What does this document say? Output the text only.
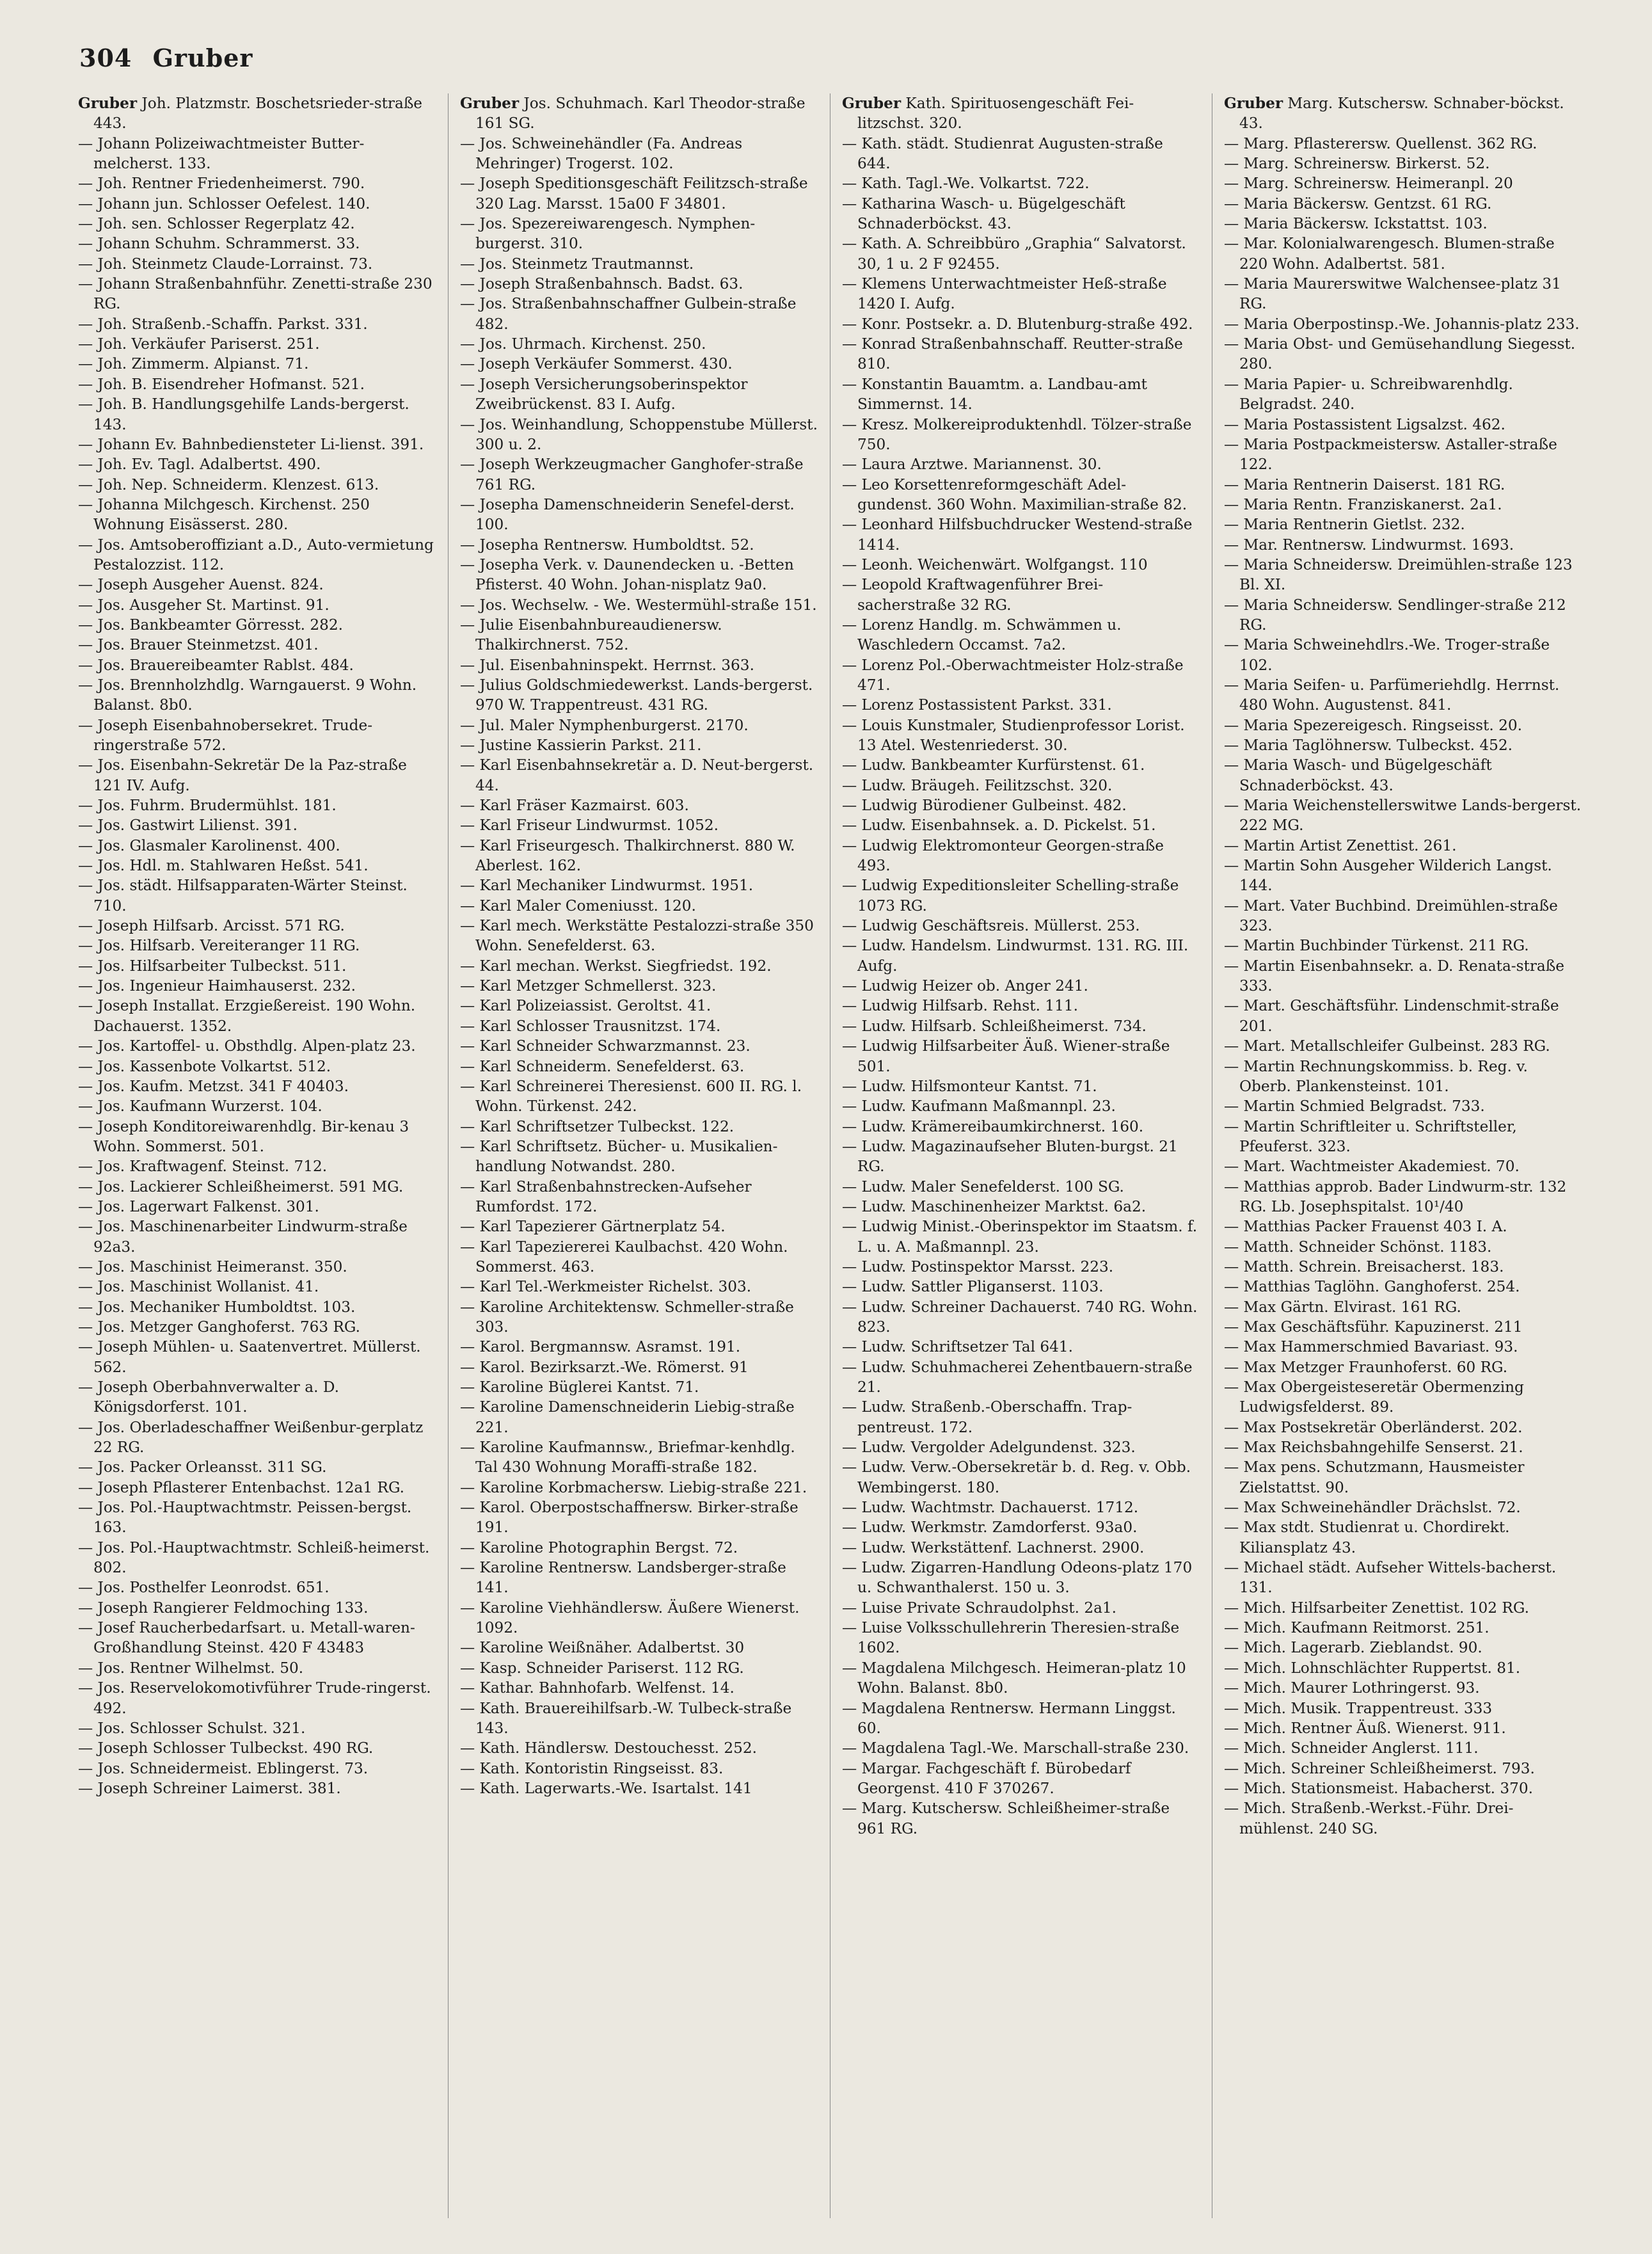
304 Gruber
Gruber Joh. Platzmstr. Boschetsrieder-straße 443.
— Johann Polizeiwachtmeister Butter-melcherst. 133.
— Joh. Rentner Friedenheimerst. 790.
— Johann jun. Schlosser Oefelest. 140.
— Joh. sen. Schlosser Regerplatz 42.
— Johann Schuhm. Schrammerst. 33.
— Joh. Steinmetz Claude-Lorrainst. 73.
— Johann Straßenbahnführ. Zenetti-straße 230 RG.
— Joh. Straßenb.-Schaffn. Parkst. 331.
— Joh. Verkäufer Pariserst. 251.
— Joh. Zimmerm. Alpianst. 71.
— Joh. B. Eisendreher Hofmanst. 521.
— Joh. B. Handlungsgehilfe Lands-bergerst. 143.
— Johann Ev. Bahnbediensteter Li-lienst. 391.
— Joh. Ev. Tagl. Adalbertst. 490.
— Joh. Nep. Schneiderm. Klenzest. 613.
— Johanna Milchgesch. Kirchenst. 250 Wohnung Eisässerst. 280.
— Jos. Amtsoberoffiziant a.D., Auto-vermietung Pestalozzist. 112.
— Joseph Ausgeher Auenst. 824.
— Jos. Ausgeher St. Martinst. 91.
— Jos. Bankbeamter Görresst. 282.
— Jos. Brauer Steinmetzst. 401.
— Jos. Brauereibeamter Rablst. 484.
— Jos. Brennholzhdlg. Warngauerst. 9 Wohn. Balanst. 8b0.
— Joseph Eisenbahnobersekret. Trude-ringerstraße 572.
— Jos. Eisenbahn-Sekretär De la Paz-straße 121 IV. Aufg.
— Jos. Fuhrm. Brudermühlst. 181.
— Jos. Gastwirt Lilienst. 391.
— Jos. Glasmaler Karolinenst. 400.
— Jos. Hdl. m. Stahlwaren Heßst. 541.
— Jos. städt. Hilfsapparaten-Wärter Steinst. 710.
— Joseph Hilfsarb. Arcisst. 571 RG.
— Jos. Hilfsarb. Vereiteranger 11 RG.
— Jos. Hilfsarbeiter Tulbeckst. 511.
— Jos. Ingenieur Haimhauserst. 232.
— Joseph Installat. Erzgießereist. 190 Wohn. Dachauerst. 1352.
— Jos. Kartoffel- u. Obsthdlg. Alpen-platz 23.
— Jos. Kassenbote Volkartst. 512.
— Jos. Kaufm. Metzst. 341 F 40403.
— Jos. Kaufmann Wurzerst. 104.
— Joseph Konditoreiwarenhdlg. Bir-kenau 3 Wohn. Sommerst. 501.
— Jos. Kraftwagenf. Steinst. 712.
— Jos. Lackierer Schleißheimerst. 591 MG.
— Jos. Lagerwart Falkenst. 301.
— Jos. Maschinenarbeiter Lindwurm-straße 92a3.
— Jos. Maschinist Heimeranst. 350.
— Jos. Maschinist Wollanist. 41.
— Jos. Mechaniker Humboldtst. 103.
— Jos. Metzger Ganghoferst. 763 RG.
— Joseph Mühlen- u. Saatenvertret. Müllerst. 562.
— Joseph Oberbahnverwalter a. D. Königsdorferst. 101.
— Jos. Oberladeschaffner Weißenbur-gerplatz 22 RG.
— Jos. Packer Orleansst. 311 SG.
— Joseph Pflasterer Entenbachst. 12a1 RG.
— Jos. Pol.-Hauptwachtmstr. Peissen-bergst. 163.
— Jos. Pol.-Hauptwachtmstr. Schleiß-heimerst. 802.
— Jos. Posthelfer Leonrodst. 651.
— Joseph Rangierer Feldmoching 133.
— Josef Raucherbedarfsart. u. Metall-waren-Großhandlung Steinst. 420 F 43483
— Jos. Rentner Wilhelmst. 50.
— Jos. Reservelokomotivführer Trude-ringerst. 492.
— Jos. Schlosser Schulst. 321.
— Joseph Schlosser Tulbeckst. 490 RG.
— Jos. Schneidermeist. Eblingerst. 73.
— Joseph Schreiner Laimerst. 381.
Gruber Jos. Schuhmach. Karl Theodor-straße 161 SG.
— Jos. Schweinehändler (Fa. Andreas Mehringer) Trogerst. 102.
— Joseph Speditionsgeschäft Feilitzsch-straße 320 Lag. Marsst. 15a00 F 34801.
— Jos. Spezereiwarengesch. Nymphen-burgerst. 310.
— Jos. Steinmetz Trautmannst.
— Joseph Straßenbahnsch. Badst. 63.
— Jos. Straßenbahnschaffner Gulbein-straße 482.
— Jos. Uhrmach. Kirchenst. 250.
— Joseph Verkäufer Sommerst. 430.
— Joseph Versicherungsoberinspektor Zweibrückenst. 83 I. Aufg.
— Jos. Weinhandlung, Schoppenstube Müllerst. 300 u. 2.
— Joseph Werkzeugmacher Ganghofer-straße 761 RG.
— Josepha Damenschneiderin Senefel-derst. 100.
— Josepha Rentnersw. Humboldtst. 52.
— Josepha Verk. v. Daunendecken u. -Betten Pfisterst. 40 Wohn. Johan-nisplatz 9a0.
— Jos. Wechselw. - We. Westermühl-straße 151.
— Julie Eisenbahnbureaudienersw. Thalkirchnerst. 752.
— Jul. Eisenbahninspekt. Herrnst. 363.
— Julius Goldschmiedewerkst. Lands-bergerst. 970 W. Trappentreust. 431 RG.
— Jul. Maler Nymphenburgerst. 2170.
— Justine Kassierin Parkst. 211.
— Karl Eisenbahnsekretär a. D. Neut-bergerst. 44.
— Karl Fräser Kazmairst. 603.
— Karl Friseur Lindwurmst. 1052.
— Karl Friseurgesch. Thalkirchnerst. 880 W. Aberlest. 162.
— Karl Mechaniker Lindwurmst. 1951.
— Karl Maler Comeniusst. 120.
— Karl mech. Werkstätte Pestalozzi-straße 350 Wohn. Senefelderst. 63.
— Karl mechan. Werkst. Siegfriedst. 192.
— Karl Metzger Schmellerst. 323.
— Karl Polizeiassist. Geroltst. 41.
— Karl Schlosser Trausnitzst. 174.
— Karl Schneider Schwarzmannst. 23.
— Karl Schneiderm. Senefelderst. 63.
— Karl Schreinerei Theresienst. 600 II. RG. l. Wohn. Türkenst. 242.
— Karl Schriftsetzer Tulbeckst. 122.
— Karl Schriftsetz. Bücher- u. Musikalien-handlung Notwandst. 280.
— Karl Straßenbahnstrecken-Aufseher Rumfordst. 172.
— Karl Tapezierer Gärtnerplatz 54.
— Karl Tapeziererei Kaulbachst. 420 Wohn. Sommerst. 463.
— Karl Tel.-Werkmeister Richelst. 303.
— Karoline Architektensw. Schmeller-straße 303.
— Karol. Bergmannsw. Asramst. 191.
— Karol. Bezirksarzt.-We. Römerst. 91
— Karoline Büglerei Kantst. 71.
— Karoline Damenschneiderin Liebig-straße 221.
— Karoline Kaufmannsw., Briefmar-kenhdlg. Tal 430 Wohnung Moraffi-straße 182.
— Karoline Korbmachersw. Liebig-straße 221.
— Karol. Oberpostschaffnersw. Birker-straße 191.
— Karoline Photographin Bergst. 72.
— Karoline Rentnersw. Landsberger-straße 141.
— Karoline Viehhändlersw. Äußere Wienerst. 1092.
— Karoline Weißnäher. Adalbertst. 30
— Kasp. Schneider Pariserst. 112 RG.
— Kathar. Bahnhofarb. Welfenst. 14.
— Kath. Brauereihilfsarb.-W. Tulbeck-straße 143.
— Kath. Händlersw. Destouchesst. 252.
— Kath. Kontoristin Ringseisst. 83.
— Kath. Lagerwarts.-We. Isartalst. 141
Gruber Kath. Spirituosengeschäft Fei-litzschst. 320.
— Kath. städt. Studienrat Augusten-straße 644.
— Kath. Tagl.-We. Volkartst. 722.
— Katharina Wasch- u. Bügelgeschäft Schnaderböckst. 43.
— Kath. A. Schreibbüro „Graphia“ Salvatorst. 30, 1 u. 2 F 92455.
— Klemens Unterwachtmeister Heß-straße 1420 I. Aufg.
— Konr. Postsekr. a. D. Blutenburg-straße 492.
— Konrad Straßenbahnschaff. Reutter-straße 810.
— Konstantin Bauamtm. a. Landbau-amt Simmernst. 14.
— Kresz. Molkereiproduktenhdl. Tölzer-straße 750.
— Laura Arztwe. Mariannenst. 30.
— Leo Korsettenreformgeschäft Adel-gundenst. 360 Wohn. Maximilian-straße 82.
— Leonhard Hilfsbuchdrucker Westend-straße 1414.
— Leonh. Weichenwärt. Wolfgangst. 110
— Leopold Kraftwagenführer Brei-sacherstraße 32 RG.
— Lorenz Handlg. m. Schwämmen u. Waschledern Occamst. 7a2.
— Lorenz Pol.-Oberwachtmeister Holz-straße 471.
— Lorenz Postassistent Parkst. 331.
— Louis Kunstmaler, Studienprofessor Lorist. 13 Atel. Westenriederst. 30.
— Ludw. Bankbeamter Kurfürstenst. 61.
— Ludw. Bräugeh. Feilitzschst. 320.
— Ludwig Bürodiener Gulbeinst. 482.
— Ludw. Eisenbahnsek. a. D. Pickelst. 51.
— Ludwig Elektromonteur Georgen-straße 493.
— Ludwig Expeditionsleiter Schelling-straße 1073 RG.
— Ludwig Geschäftsreis. Müllerst. 253.
— Ludw. Handelsm. Lindwurmst. 131. RG. III. Aufg.
— Ludwig Heizer ob. Anger 241.
— Ludwig Hilfsarb. Rehst. 111.
— Ludw. Hilfsarb. Schleißheimerst. 734.
— Ludwig Hilfsarbeiter Äuß. Wiener-straße 501.
— Ludw. Hilfsmonteur Kantst. 71.
— Ludw. Kaufmann Maßmannpl. 23.
— Ludw. Krämereibaumkirchnerst. 160.
— Ludw. Magazinaufseher Bluten-burgst. 21 RG.
— Ludw. Maler Senefelderst. 100 SG.
— Ludw. Maschinenheizer Marktst. 6a2.
— Ludwig Minist.-Oberinspektor im Staatsm. f. L. u. A. Maßmannpl. 23.
— Ludw. Postinspektor Marsst. 223.
— Ludw. Sattler Pliganserst. 1103.
— Ludw. Schreiner Dachauerst. 740 RG. Wohn. 823.
— Ludw. Schriftsetzer Tal 641.
— Ludw. Schuhmacherei Zehentbauern-straße 21.
— Ludw. Straßenb.-Oberschaffn. Trap-pentreust. 172.
— Ludw. Vergolder Adelgundenst. 323.
— Ludw. Verw.-Obersekretär b. d. Reg. v. Obb. Wembingerst. 180.
— Ludw. Wachtmstr. Dachauerst. 1712.
— Ludw. Werkmstr. Zamdorferst. 93a0.
— Ludw. Werkstättenf. Lachnerst. 2900.
— Ludw. Zigarren-Handlung Odeons-platz 170 u. Schwanthalerst. 150 u. 3.
— Luise Private Schraudolphst. 2a1.
— Luise Volksschullehrerin Theresien-straße 1602.
— Magdalena Milchgesch. Heimeran-platz 10 Wohn. Balanst. 8b0.
— Magdalena Rentnersw. Hermann Linggst. 60.
— Magdalena Tagl.-We. Marschall-straße 230.
— Margar. Fachgeschäft f. Bürobedarf Georgenst. 410 F 370267.
— Marg. Kutschersw. Schleißheimer-straße 961 RG.
Gruber Marg. Kutschersw. Schnaber-böckst. 43.
— Marg. Pflasterersw. Quellenst. 362 RG.
— Marg. Schreinersw. Birkerst. 52.
— Marg. Schreinersw. Heimeranpl. 20
— Maria Bäckersw. Gentzst. 61 RG.
— Maria Bäckersw. Ickstattst. 103.
— Mar. Kolonialwarengesch. Blumen-straße 220 Wohn. Adalbertst. 581.
— Maria Maurerswitwe Walchensee-platz 31 RG.
— Maria Oberpostinsp.-We. Johannis-platz 233.
— Maria Obst- und Gemüsehandlung Siegesst. 280.
— Maria Papier- u. Schreibwarenhdlg. Belgradst. 240.
— Maria Postassistent Ligsalzst. 462.
— Maria Postpackmeistersw. Astaller-straße 122.
— Maria Rentnerin Daiserst. 181 RG.
— Maria Rentn. Franziskanerst. 2a1.
— Maria Rentnerin Gietlst. 232.
— Mar. Rentnersw. Lindwurmst. 1693.
— Maria Schneidersw. Dreimühlen-straße 123 Bl. XI.
— Maria Schneidersw. Sendlinger-straße 212 RG.
— Maria Schweinehdlrs.-We. Troger-straße 102.
— Maria Seifen- u. Parfümeriehdlg. Herrnst. 480 Wohn. Augustenst. 841.
— Maria Spezereigesch. Ringseisst. 20.
— Maria Taglöhnersw. Tulbeckst. 452.
— Maria Wasch- und Bügelgeschäft Schnaderböckst. 43.
— Maria Weichenstellerswitwe Lands-bergerst. 222 MG.
— Martin Artist Zenettist. 261.
— Martin Sohn Ausgeher Wilderich Langst. 144.
— Mart. Vater Buchbind. Dreimühlen-straße 323.
— Martin Buchbinder Türkenst. 211 RG.
— Martin Eisenbahnsekr. a. D. Renata-straße 333.
— Mart. Geschäftsführ. Lindenschmit-straße 201.
— Mart. Metallschleifer Gulbeinst. 283 RG.
— Martin Rechnungskommiss. b. Reg. v. Oberb. Plankensteinst. 101.
— Martin Schmied Belgradst. 733.
— Martin Schriftleiter u. Schriftsteller, Pfeuferst. 323.
— Mart. Wachtmeister Akademiest. 70.
— Matthias approb. Bader Lindwurm-str. 132 RG. Lb. Josephspitalst. 10¹/40
— Matthias Packer Frauenst 403 I. A.
— Matth. Schneider Schönst. 1183.
— Matth. Schrein. Breisacherst. 183.
— Matthias Taglöhn. Ganghoferst. 254.
— Max Gärtn. Elvirast. 161 RG.
— Max Geschäftsführ. Kapuzinerst. 211
— Max Hammerschmied Bavariast. 93.
— Max Metzger Fraunhoferst. 60 RG.
— Max Obergeisteseretär Obermenzing Ludwigsfelderst. 89.
— Max Postsekretär Oberländerst. 202.
— Max Reichsbahngehilfe Senserst. 21.
— Max pens. Schutzmann, Hausmeister Zielstattst. 90.
— Max Schweinehändler Drächslst. 72.
— Max stdt. Studienrat u. Chordirekt. Kiliansplatz 43.
— Michael städt. Aufseher Wittels-bacherst. 131.
— Mich. Hilfsarbeiter Zenettist. 102 RG.
— Mich. Kaufmann Reitmorst. 251.
— Mich. Lagerarb. Zieblandst. 90.
— Mich. Lohnschlächter Ruppertst. 81.
— Mich. Maurer Lothringerst. 93.
— Mich. Musik. Trappentreust. 333
— Mich. Rentner Äuß. Wienerst. 911.
— Mich. Schneider Anglerst. 111.
— Mich. Schreiner Schleißheimerst. 793.
— Mich. Stationsmeist. Habacherst. 370.
— Mich. Straßenb.-Werkst.-Führ. Drei-mühlenst. 240 SG.
